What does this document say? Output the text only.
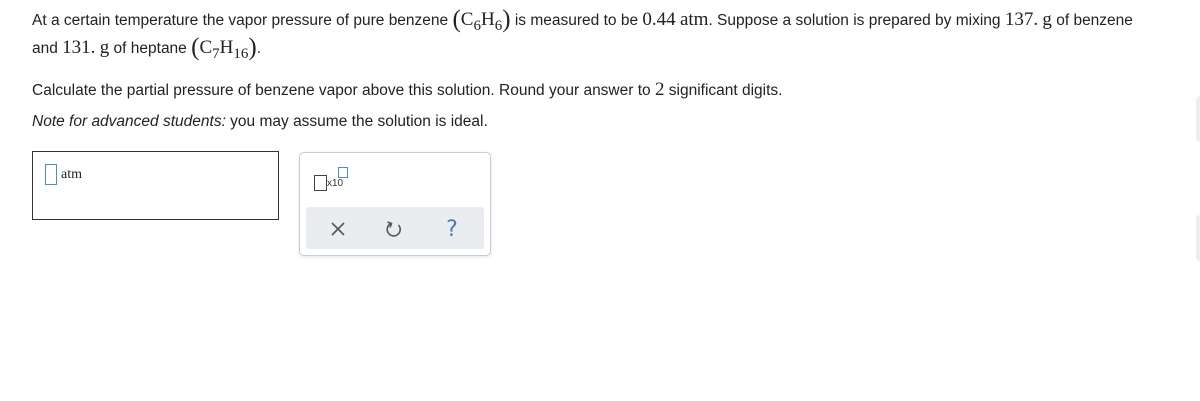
At a certain temperature the vapor pressure of pure benzene $(C_6H_6)$ is measured to be 0.44 atm. Suppose a solution is prepared by mixing 137. g of benzene
and 131. g of heptane $(C_7H_{16})$.
Calculate the partial pressure of benzene vapor above this solution. Round your answer to 2 significant digits.
Note for advanced students: you may assume the solution is ideal.
atm
x10
?
